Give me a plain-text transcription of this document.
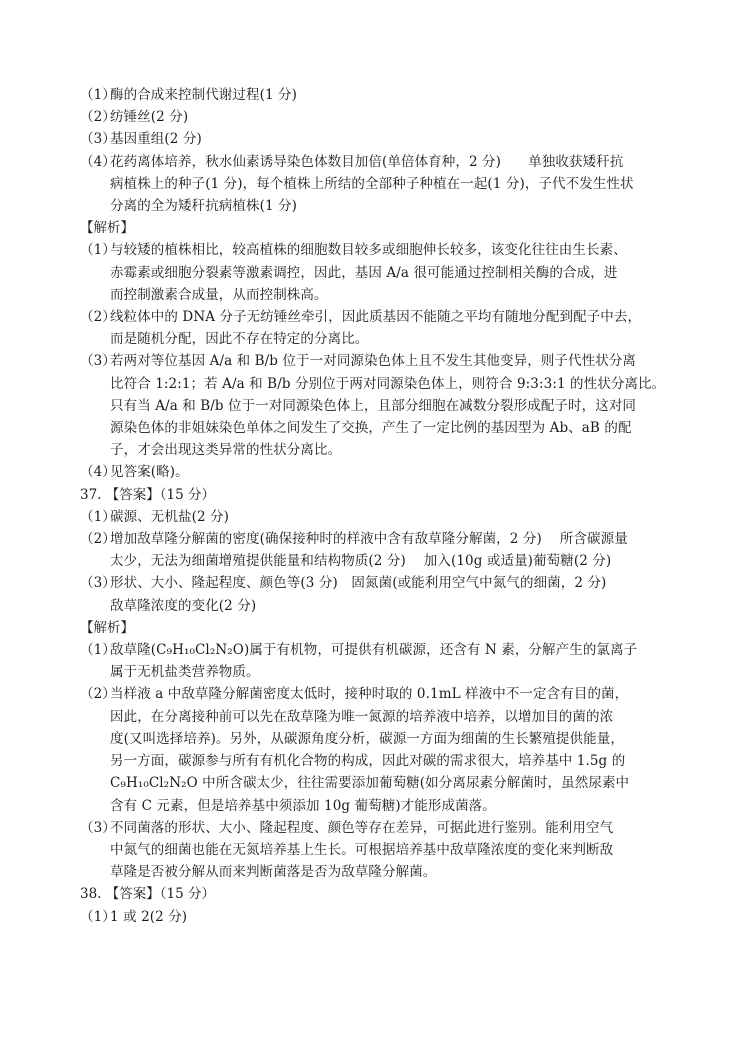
（1）酶的合成来控制代谢过程(1 分)
（2）纺锤丝(2 分)
（3）基因重组(2 分)
（4）花药离体培养，秋水仙素诱导染色体数目加倍(单倍体育种，2 分)　　单独收获矮秆抗
病植株上的种子(1 分)，每个植株上所结的全部种子种植在一起(1 分)，子代不发生性状
分离的全为矮秆抗病植株(1 分)
【解析】
（1）与较矮的植株相比，较高植株的细胞数目较多或细胞伸长较多，该变化往往由生长素、
赤霉素或细胞分裂素等激素调控，因此，基因 A/a 很可能通过控制相关酶的合成，进
而控制激素合成量，从而控制株高。
（2）线粒体中的 DNA 分子无纺锤丝牵引，因此质基因不能随之平均有随地分配到配子中去，
而是随机分配，因此不存在特定的分离比。
（3）若两对等位基因 A/a 和 B/b 位于一对同源染色体上且不发生其他变异，则子代性状分离
比符合 1:2:1；若 A/a 和 B/b 分别位于两对同源染色体上，则符合 9:3:3:1 的性状分离比。
只有当 A/a 和 B/b 位于一对同源染色体上，且部分细胞在减数分裂形成配子时，这对同
源染色体的非姐妹染色单体之间发生了交换，产生了一定比例的基因型为 Ab、aB 的配
子，才会出现这类异常的性状分离比。
（4）见答案(略)。
37. 【答案】（15 分）
（1）碳源、无机盐(2 分)
（2）增加敌草隆分解菌的密度(确保接种时的样液中含有敌草隆分解菌，2 分)　 所含碳源量
太少，无法为细菌增殖提供能量和结构物质(2 分)　 加入(10g 或适量)葡萄糖(2 分)
（3）形状、大小、隆起程度、颜色等(3 分)　固氮菌(或能利用空气中氮气的细菌，2 分)
敌草隆浓度的变化(2 分)
【解析】
（1）敌草隆(C₉H₁₀Cl₂N₂O)属于有机物，可提供有机碳源，还含有 N 素，分解产生的氯离子
属于无机盐类营养物质。
（2）当样液 a 中敌草隆分解菌密度太低时，接种时取的 0.1mL 样液中不一定含有目的菌，
因此，在分离接种前可以先在敌草隆为唯一氮源的培养液中培养，以增加目的菌的浓
度(又叫选择培养)。另外，从碳源角度分析，碳源一方面为细菌的生长繁殖提供能量，
另一方面，碳源参与所有有机化合物的构成，因此对碳的需求很大，培养基中 1.5g 的
C₉H₁₀Cl₂N₂O 中所含碳太少，往往需要添加葡萄糖(如分离尿素分解菌时，虽然尿素中
含有 C 元素，但是培养基中须添加 10g 葡萄糖)才能形成菌落。
（3）不同菌落的形状、大小、隆起程度、颜色等存在差异，可据此进行鉴别。能利用空气
中氮气的细菌也能在无氮培养基上生长。可根据培养基中敌草隆浓度的变化来判断敌
草隆是否被分解从而来判断菌落是否为敌草隆分解菌。
38. 【答案】（15 分）
（1）1 或 2(2 分)
